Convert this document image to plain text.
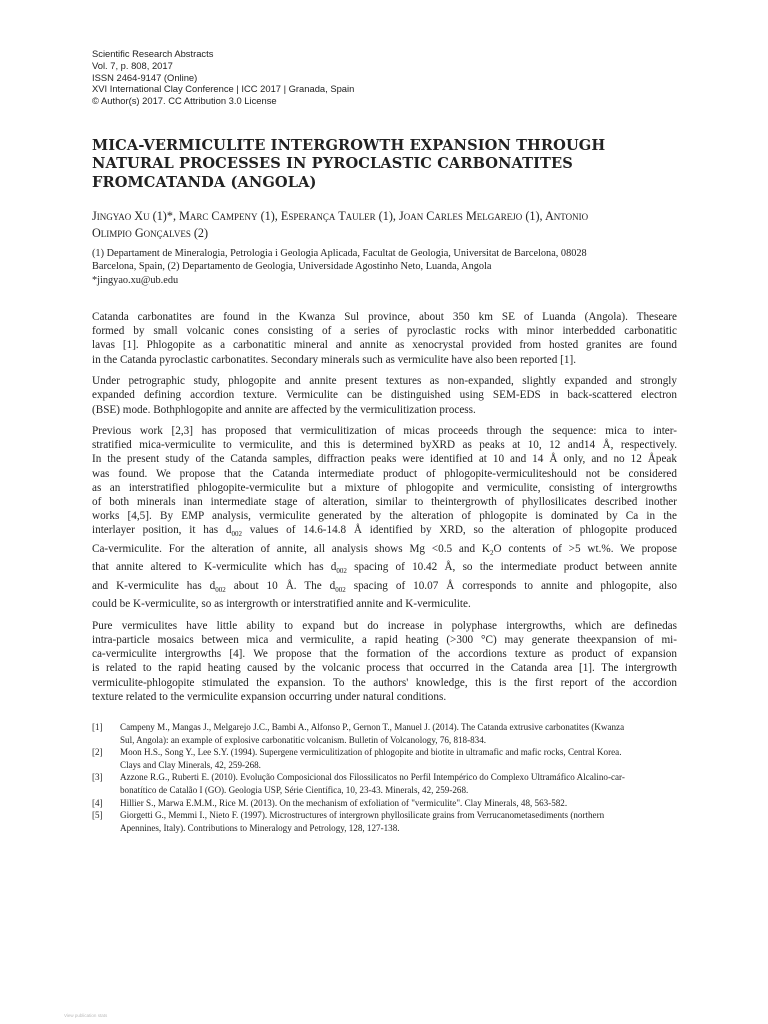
Scientific Research Abstracts
Vol. 7, p. 808, 2017
ISSN 2464-9147 (Online)
XVI International Clay Conference | ICC 2017 | Granada, Spain
© Author(s) 2017. CC Attribution 3.0 License
MICA-VERMICULITE INTERGROWTH EXPANSION THROUGH
NATURAL PROCESSES IN PYROCLASTIC CARBONATITES
FROMCATANDA (ANGOLA)
Jingyao Xu (1)*, Marc Campeny (1), Esperança Tauler (1), Joan Carles Melgarejo (1), Antonio
Olimpio Gonçalves (2)
(1) Departament de Mineralogia, Petrologia i Geologia Aplicada, Facultat de Geologia, Universitat de Barcelona, 08028
Barcelona, Spain, (2) Departamento de Geologia, Universidade Agostinho Neto, Luanda, Angola
*jingyao.xu@ub.edu
Catanda carbonatites are found in the Kwanza Sul province, about 350 km SE of Luanda (Angola). Theseare
formed by small volcanic cones consisting of a series of pyroclastic rocks with minor interbedded carbonatitic
lavas [1]. Phlogopite as a carbonatitic mineral and annite as xenocrystal provided from hosted granites are found
in the Catanda pyroclastic carbonatites. Secondary minerals such as vermiculite have also been reported [1].
Under petrographic study, phlogopite and annite present textures as non-expanded, slightly expanded and strongly
expanded defining accordion texture. Vermiculite can be distinguished using SEM-EDS in back-scattered electron
(BSE) mode. Bothphlogopite and annite are affected by the vermiculitization process.
Previous work [2,3] has proposed that vermiculitization of micas proceeds through the sequence: mica to inter-
stratified mica-vermiculite to vermiculite, and this is determined byXRD as peaks at 10, 12 and14 Å, respectively.
In the present study of the Catanda samples, diffraction peaks were identified at 10 and 14 Å only, and no 12 Åpeak
was found. We propose that the Catanda intermediate product of phlogopite-vermiculiteshould not be considered
as an interstratified phlogopite-vermiculite but a mixture of phlogopite and vermiculite, consisting of intergrowths
of both minerals inan intermediate stage of alteration, similar to theintergrowth of phyllosilicates described inother
works [4,5]. By EMP analysis, vermiculite generated by the alteration of phlogopite is dominated by Ca in the
interlayer position, it has $d_{002}$ values of 14.6-14.8 Å identified by XRD, so the alteration of phlogopite produced
Ca-vermiculite. For the alteration of annite, all analysis shows Mg <0.5 and $K_2O$ contents of >5 wt.%. We propose
that annite altered to K-vermiculite which has $d_{002}$ spacing of 10.42 Å, so the intermediate product between annite
and K-vermiculite has $d_{002}$ about 10 Å. The $d_{002}$ spacing of 10.07 Å corresponds to annite and phlogopite, also
could be K-vermiculite, so as intergrowth or interstratified annite and K-vermiculite.
Pure vermiculites have little ability to expand but do increase in polyphase intergrowths, which are definedas
intra-particle mosaics between mica and vermiculite, a rapid heating (>300 °C) may generate theexpansion of mi-
ca-vermiculite intergrowths [4]. We propose that the formation of the accordions texture as product of expansion
is related to the rapid heating caused by the volcanic process that occurred in the Catanda area [1]. The intergrowth
vermiculite-phlogopite stimulated the expansion. To the authors' knowledge, this is the first report of the accordion
texture related to the vermiculite expansion occurring under natural conditions.
[1]	Campeny M., Mangas J., Melgarejo J.C., Bambi A., Alfonso P., Gernon T., Manuel J. (2014). The Catanda extrusive carbonatites (Kwanza
Sul, Angola): an example of explosive carbonatitic volcanism. Bulletin of Volcanology, 76, 818-834.
[2]	Moon H.S., Song Y., Lee S.Y. (1994). Supergene vermiculitization of phlogopite and biotite in ultramafic and mafic rocks, Central Korea.
Clays and Clay Minerals, 42, 259-268.
[3]	Azzone R.G., Ruberti E. (2010). Evolução Composicional dos Filossilicatos no Perfil Intempérico do Complexo Ultramáfico Alcalino-car-
bonatítico de Catalão I (GO). Geologia USP, Série Científica, 10, 23-43. Minerals, 42, 259-268.
[4]	Hillier S., Marwa E.M.M., Rice M. (2013). On the mechanism of exfoliation of "vermiculite". Clay Minerals, 48, 563-582.
[5]	Giorgetti G., Memmi I., Nieto F. (1997). Microstructures of intergrown phyllosilicate grains from Verrucanometasediments (northern
Apennines, Italy). Contributions to Mineralogy and Petrology, 128, 127-138.
View publication stats
